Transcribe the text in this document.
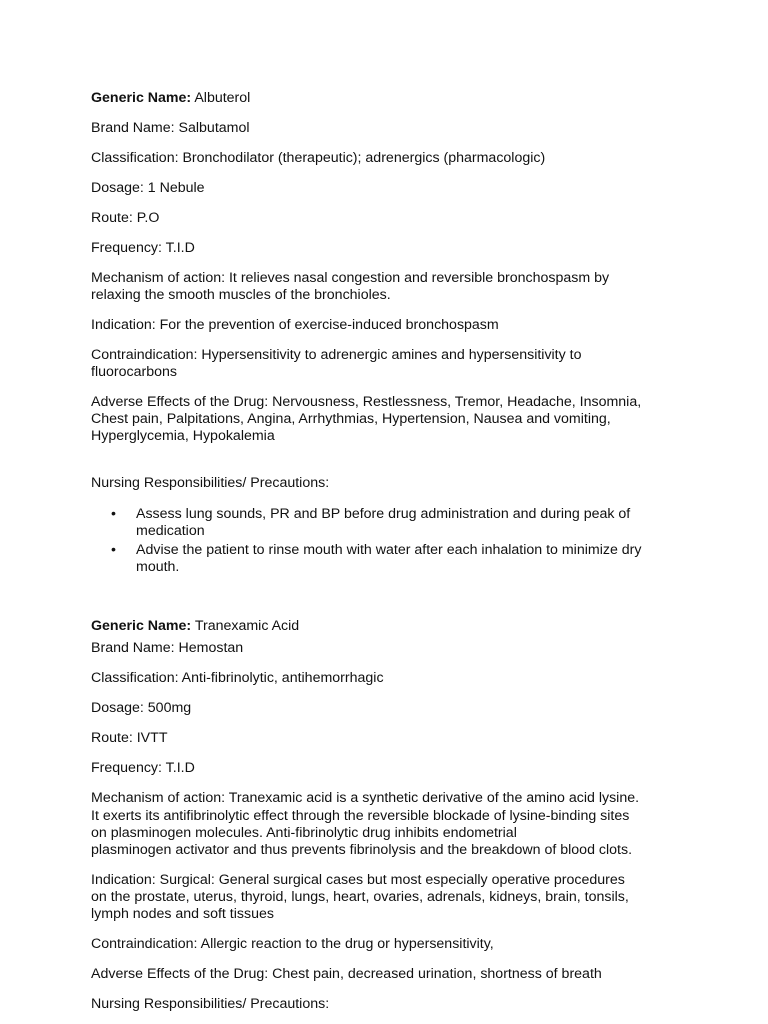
Generic Name: Albuterol

Brand Name: Salbutamol

Classification: Bronchodilator (therapeutic); adrenergics (pharmacologic)

Dosage: 1 Nebule

Route: P.O

Frequency: T.I.D

Mechanism of action: It relieves nasal congestion and reversible bronchospasm by
relaxing the smooth muscles of the bronchioles.

Indication: For the prevention of exercise-induced bronchospasm

Contraindication: Hypersensitivity to adrenergic amines and hypersensitivity to
fluorocarbons

Adverse Effects of the Drug: Nervousness, Restlessness, Tremor, Headache, Insomnia,
Chest pain, Palpitations, Angina, Arrhythmias, Hypertension, Nausea and vomiting,
Hyperglycemia, Hypokalemia

Nursing Responsibilities/ Precautions:

• Assess lung sounds, PR and BP before drug administration and during peak of
medication
• Advise the patient to rinse mouth with water after each inhalation to minimize dry
mouth.

Generic Name: Tranexamic Acid

Brand Name: Hemostan

Classification: Anti-fibrinolytic, antihemorrhagic

Dosage: 500mg

Route: IVTT

Frequency: T.I.D

Mechanism of action: Tranexamic acid is a synthetic derivative of the amino acid lysine.
It exerts its antifibrinolytic effect through the reversible blockade of lysine-binding sites
on plasminogen molecules. Anti-fibrinolytic drug inhibits endometrial
plasminogen activator and thus prevents fibrinolysis and the breakdown of blood clots.

Indication: Surgical: General surgical cases but most especially operative procedures
on the prostate, uterus, thyroid, lungs, heart, ovaries, adrenals, kidneys, brain, tonsils,
lymph nodes and soft tissues

Contraindication: Allergic reaction to the drug or hypersensitivity,

Adverse Effects of the Drug: Chest pain, decreased urination, shortness of breath

Nursing Responsibilities/ Precautions:
